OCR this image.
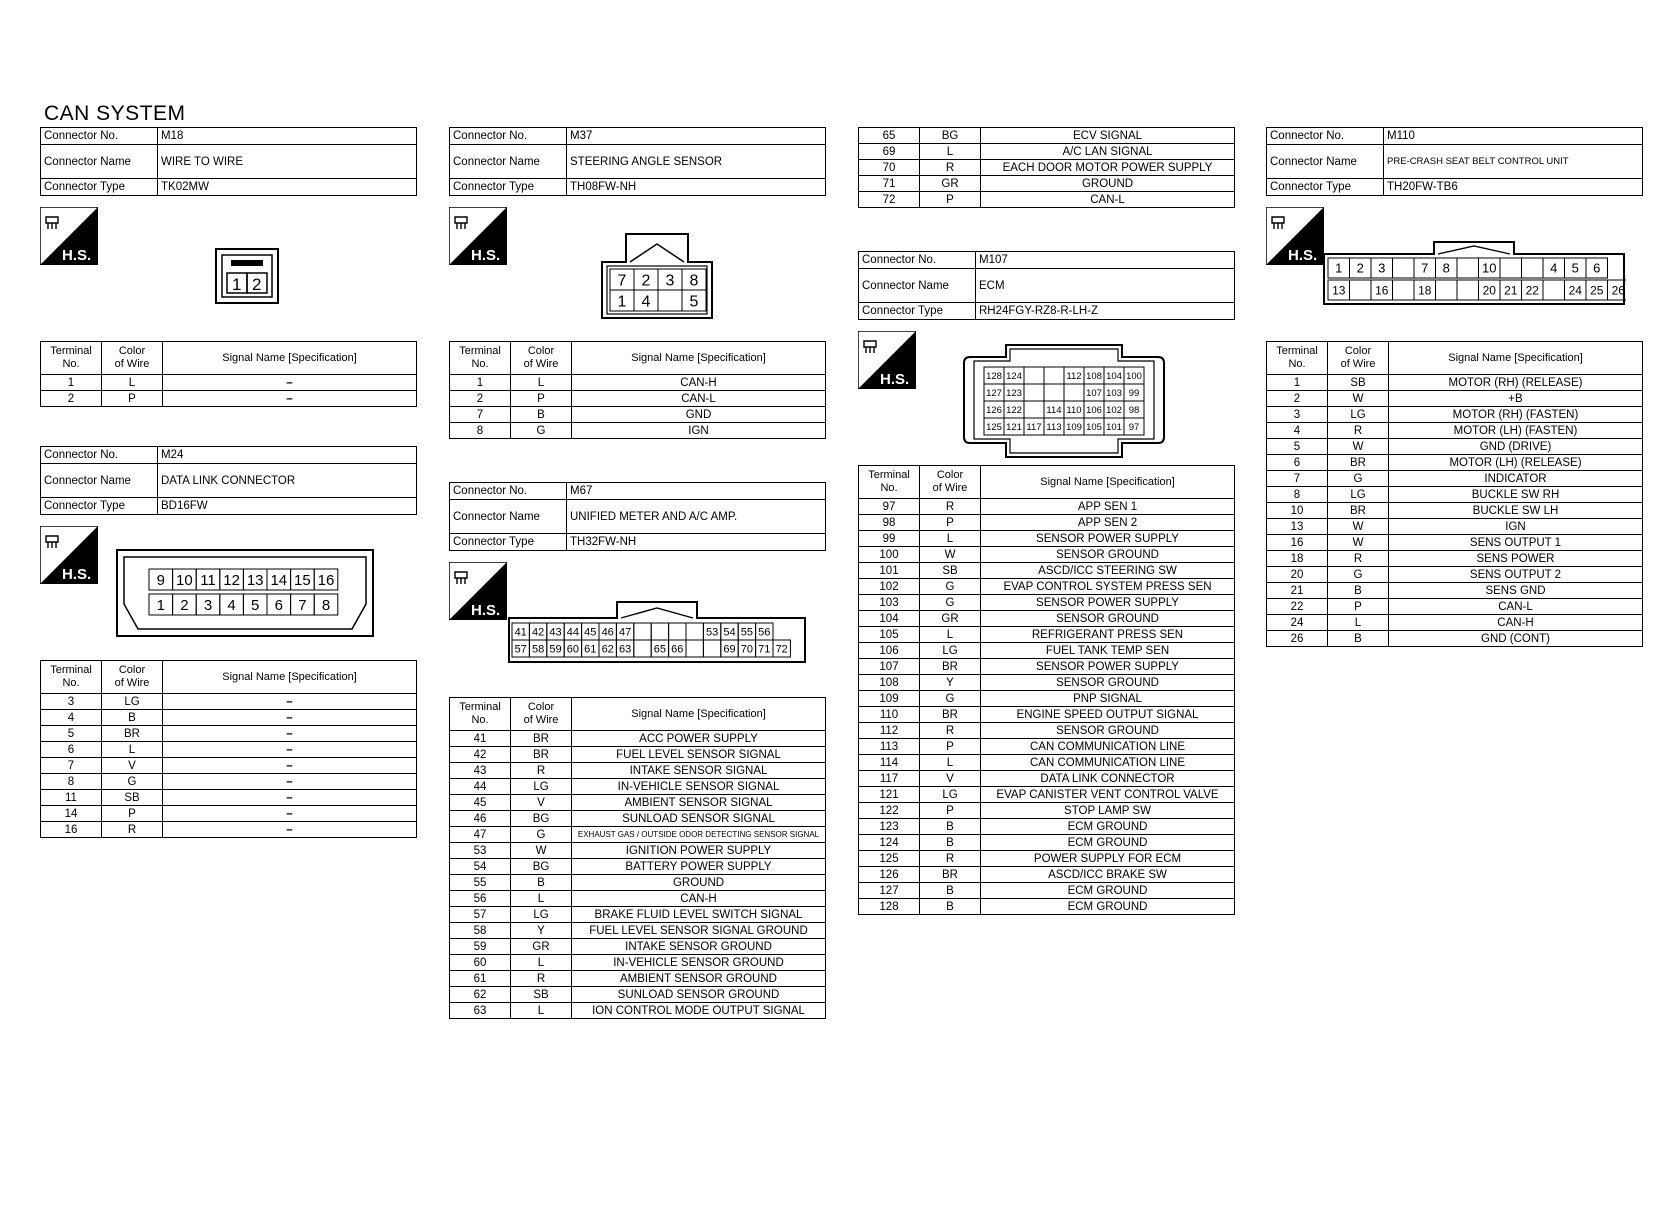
CAN SYSTEM
Connector No.	M18
Connector Name	WIRE TO WIRE
Connector Type	TK02MW
H.S.
1 2
Terminal
No.	Color
of Wire	Signal Name [Specification]
1	L	–
2	P	–
Connector No.	M24
Connector Name	DATA LINK CONNECTOR
Connector Type	BD16FW
H.S.	9 10 11 12 13 14 15 16
1 2 3 4 5 6 7 8
Terminal
No.	Color
of Wire	Signal Name [Specification]
3	LG	–
4	B	–
5	BR	–
6	L	–
7	V	–
8	G	–
11	SB	–
14	P	–
16	R	–
Connector No.	M37
Connector Name	STEERING ANGLE SENSOR
Connector Type	TH08FW-NH
H.S.
7 2 3 8
1 4 5
Terminal
No.	Color
of Wire	Signal Name [Specification]
1	L	CAN-H
2	P	CAN-L
7	B	GND
8	G	IGN
Connector No.	M67
Connector Name	UNIFIED METER AND A/C AMP.
Connector Type	TH32FW-NH
H.S.
41 42 43 44 45 46 47	53 54 55 56
57 58 59 60 61 62 63 65 66	69 70 71 72
Terminal
No.	Color
of Wire	Signal Name [Specification]
41	BR	ACC POWER SUPPLY
42	BR	FUEL LEVEL SENSOR SIGNAL
43	R	INTAKE SENSOR SIGNAL
44	LG	IN-VEHICLE SENSOR SIGNAL
45	V	AMBIENT SENSOR SIGNAL
46	BG	SUNLOAD SENSOR SIGNAL
47	G	EXHAUST GAS / OUTSIDE ODOR DETECTING SENSOR SIGNAL
53	W	IGNITION POWER SUPPLY
54	BG	BATTERY POWER SUPPLY
55	B	GROUND
56	L	CAN-H
57	LG	BRAKE FLUID LEVEL SWITCH SIGNAL
58	Y	FUEL LEVEL SENSOR SIGNAL GROUND
59	GR	INTAKE SENSOR GROUND
60	L	IN-VEHICLE SENSOR GROUND
61	R	AMBIENT SENSOR GROUND
62	SB	SUNLOAD SENSOR GROUND
63	L	ION CONTROL MODE OUTPUT SIGNAL
65	BG	ECV SIGNAL
69	L	A/C LAN SIGNAL
70	R	EACH DOOR MOTOR POWER SUPPLY
71	GR	GROUND
72	P	CAN-L
Connector No.	M107
Connector Name	ECM
Connector Type	RH24FGY-RZ8-R-LH-Z
H.S.	128 124	112 108 104 100
127 123	107 103 99
126 122	114 110 106 102 98
125 121 117 113 109 105 101 97
Terminal
No.	Color
of Wire	Signal Name [Specification]
97	R	APP SEN 1
98	P	APP SEN 2
99	L	SENSOR POWER SUPPLY
100	W	SENSOR GROUND
101	SB	ASCD/ICC STEERING SW
102	G	EVAP CONTROL SYSTEM PRESS SEN
103	G	SENSOR POWER SUPPLY
104	GR	SENSOR GROUND
105	L	REFRIGERANT PRESS SEN
106	LG	FUEL TANK TEMP SEN
107	BR	SENSOR POWER SUPPLY
108	Y	SENSOR GROUND
109	G	PNP SIGNAL
110	BR	ENGINE SPEED OUTPUT SIGNAL
112	R	SENSOR GROUND
113	P	CAN COMMUNICATION LINE
114	L	CAN COMMUNICATION LINE
117	V	DATA LINK CONNECTOR
121	LG	EVAP CANISTER VENT CONTROL VALVE
122	P	STOP LAMP SW
123	B	ECM GROUND
124	B	ECM GROUND
125	R	POWER SUPPLY FOR ECM
126	BR	ASCD/ICC BRAKE SW
127	B	ECM GROUND
128	B	ECM GROUND
Connector No.	M110
Connector Name	PRE-CRASH SEAT BELT CONTROL UNIT
Connector Type	TH20FW-TB6
H.S.
1 2 3	7 8 10	4 5 6
13 16 18	20 21 22 24 25 26
Terminal
No.	Color
of Wire	Signal Name [Specification]
1	SB	MOTOR (RH) (RELEASE)
2	W	+B
3	LG	MOTOR (RH) (FASTEN)
4	R	MOTOR (LH) (FASTEN)
5	W	GND (DRIVE)
6	BR	MOTOR (LH) (RELEASE)
7	G	INDICATOR
8	LG	BUCKLE SW RH
10	BR	BUCKLE SW LH
13	W	IGN
16	W	SENS OUTPUT 1
18	R	SENS POWER
20	G	SENS OUTPUT 2
21	B	SENS GND
22	P	CAN-L
24	L	CAN-H
26	B	GND (CONT)
